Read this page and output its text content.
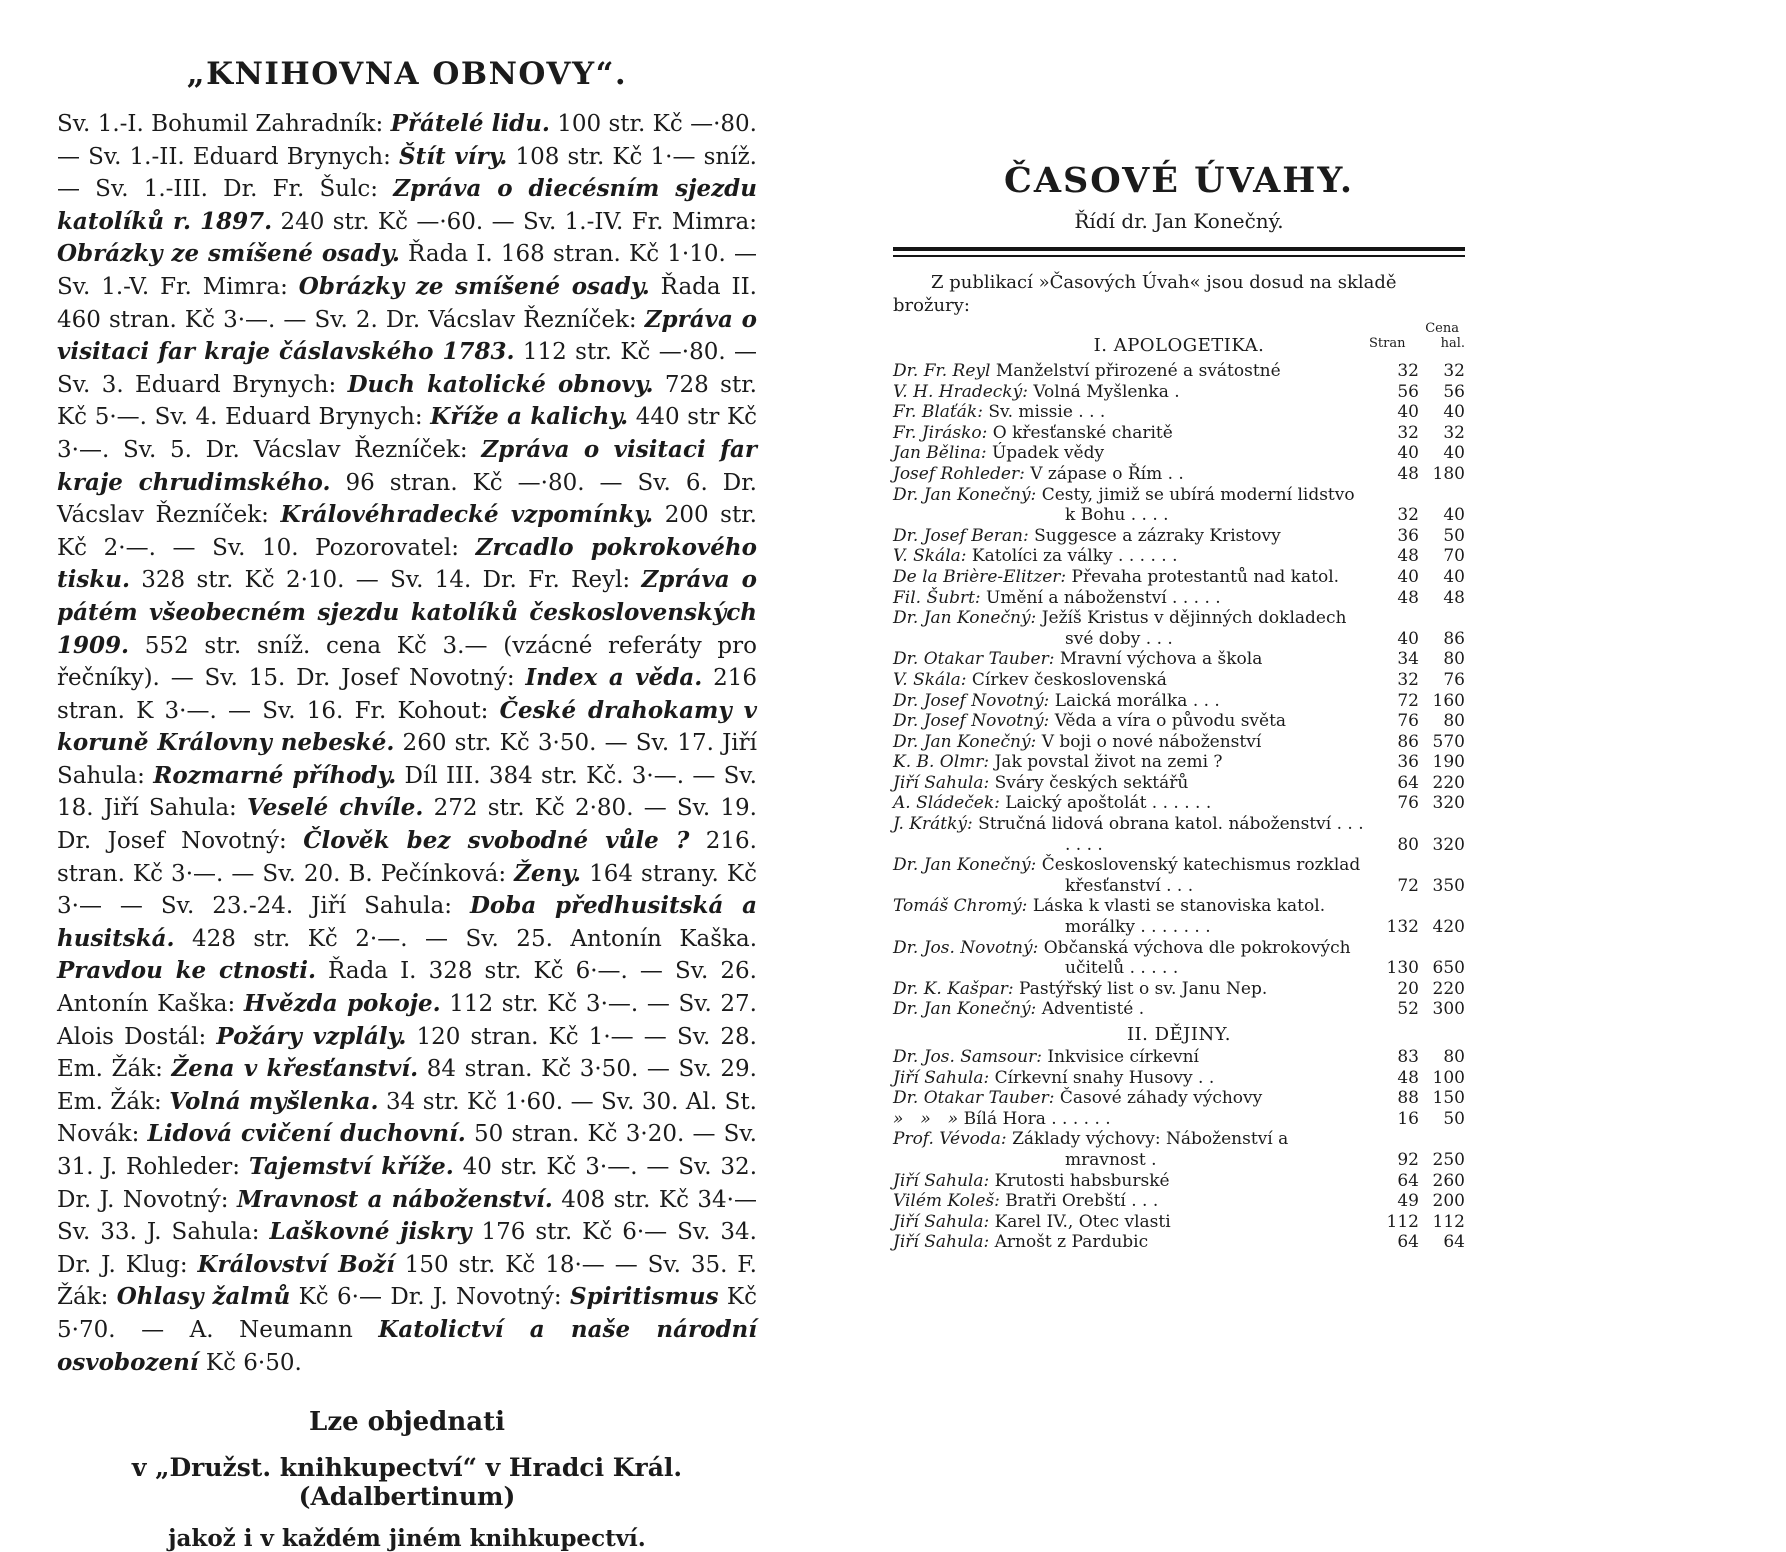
„KNIHOVNA OBNOVY“.
Sv. 1.-I. Bohumil Zahradník: Přátelé lidu. 100 str. Kč —·80. — Sv. 1.-II. Eduard Brynych: Štít víry. 108 str. Kč 1·— sníž. — Sv. 1.-III. Dr. Fr. Šulc: Zpráva o diecésním sjezdu katolíků r. 1897. 240 str. Kč —·60. — Sv. 1.-IV. Fr. Mimra: Obrázky ze smíšené osady. Řada I. 168 stran. Kč 1·10. — Sv. 1.-V. Fr. Mimra: Obrázky ze smíšené osady. Řada II. 460 stran. Kč 3·—. — Sv. 2. Dr. Vácslav Řezníček: Zpráva o visitaci far kraje čáslavského 1783. 112 str. Kč —·80. — Sv. 3. Eduard Brynych: Duch katolické obnovy. 728 str. Kč 5·—. Sv. 4. Eduard Brynych: Kříže a kalichy. 440 str Kč 3·—. Sv. 5. Dr. Vácslav Řezníček: Zpráva o visitaci far kraje chrudimského. 96 stran. Kč —·80. — Sv. 6. Dr. Vácslav Řezníček: Královéhradecké vzpomínky. 200 str. Kč 2·—. — Sv. 10. Pozorovatel: Zrcadlo pokrokového tisku. 328 str. Kč 2·10. — Sv. 14. Dr. Fr. Reyl: Zpráva o pátém všeobecném sjezdu katolíků československých 1909. 552 str. sníž. cena Kč 3.— (vzácné referáty pro řečníky). — Sv. 15. Dr. Josef Novotný: Index a věda. 216 stran. K 3·—. — Sv. 16. Fr. Kohout: České drahokamy v koruně Královny nebeské. 260 str. Kč 3·50. — Sv. 17. Jiří Sahula: Rozmarné příhody. Díl III. 384 str. Kč. 3·—. — Sv. 18. Jiří Sahula: Veselé chvíle. 272 str. Kč 2·80. — Sv. 19. Dr. Josef Novotný: Člověk bez svobodné vůle ? 216. stran. Kč 3·—. — Sv. 20. B. Pečínková: Ženy. 164 strany. Kč 3·— — Sv. 23.-24. Jiří Sahula: Doba předhusitská a husitská. 428 str. Kč 2·—. — Sv. 25. Antonín Kaška. Pravdou ke ctnosti. Řada I. 328 str. Kč 6·—. — Sv. 26. Antonín Kaška: Hvězda pokoje. 112 str. Kč 3·—. — Sv. 27. Alois Dostál: Požáry vzplály. 120 stran. Kč 1·— — Sv. 28. Em. Žák: Žena v křesťanství. 84 stran. Kč 3·50. — Sv. 29. Em. Žák: Volná myšlenka. 34 str. Kč 1·60. — Sv. 30. Al. St. Novák: Lidová cvičení duchovní. 50 stran. Kč 3·20. — Sv. 31. J. Rohleder: Tajemství kříže. 40 str. Kč 3·—. — Sv. 32. Dr. J. Novotný: Mravnost a náboženství. 408 str. Kč 34·— Sv. 33. J. Sahula: Laškovné jiskry 176 str. Kč 6·— Sv. 34. Dr. J. Klug: Království Boží 150 str. Kč 18·— — Sv. 35. F. Žák: Ohlasy žalmů Kč 6·— Dr. J. Novotný: Spiritismus Kč 5·70. — A. Neumann Katolictví a naše národní osvobození Kč 6·50.
Lze objednati
v „Družst. knihkupectví“ v Hradci Král. (Adalbertinum)
jakož i v každém jiném knihkupectví.
ČASOVÉ ÚVAHY.
Řídí dr. Jan Konečný.
Z publikací »Časových Úvah« jsou dosud na skladě
brožury:
I. APOLOGETIKA.
Cena
Stran	hal.
Dr. Fr. Reyl Manželství přirozené a svátostné	32	32
V. H. Hradecký: Volná Myšlenka .	56	56
Fr. Blaťák: Sv. missie . . .	40	40
Fr. Jirásko: O křesťanské charitě	32	32
Jan Bělina: Úpadek vědy	40	40
Josef Rohleder: V zápase o Řím . .	48 180
Dr. Jan Konečný: Cesty, jimiž se ubírá moderní lidstvo k Bohu . . . .	32	40
Dr. Josef Beran: Suggesce a zázraky Kristovy	36	50
V. Skála: Katolíci za války . . . . . .	48	70
De la Brière-Elitzer: Převaha protestantů nad katol.	40	40
Fil. Šubrt: Umění a náboženství . . . . .	48	48
Dr. Jan Konečný: Ježíš Kristus v dějinných dokladech své doby . . .	40	86
Dr. Otakar Tauber: Mravní výchova a škola	34	80
V. Skála: Církev československá	32	76
Dr. Josef Novotný: Laická morálka . . .	72 160
Dr. Josef Novotný: Věda a víra o původu světa	76	80
Dr. Jan Konečný: V boji o nové náboženství	86 570
K. B. Olmr: Jak povstal život na zemi ?	36 190
Jiří Sahula: Sváry českých sektářů	64 220
A. Sládeček: Laický apoštolát . . . . . .	76 320
J. Krátký: Stručná lidová obrana katol. náboženství . . . . . . .	80 320
Dr. Jan Konečný: Československý katechismus rozklad křesťanství . . .	72 350
Tomáš Chromý: Láska k vlasti se stanoviska katol. morálky . . . . . . .	132 420
Dr. Jos. Novotný: Občanská výchova dle pokrokových učitelů . . . . .	130 650
Dr. K. Kašpar: Pastýřský list o sv. Janu Nep.	20 220
Dr. Jan Konečný: Adventisté .	52 300
II. DĚJINY.
Dr. Jos. Samsour: Inkvisice církevní	83	80
Jiří Sahula: Církevní snahy Husovy . .	48 100
Dr. Otakar Tauber: Časové záhady výchovy	88 150
» » » Bílá Hora . . . . . .	16	50
Prof. Vévoda: Základy výchovy: Náboženství a mravnost .	92 250
Jiří Sahula: Krutosti habsburské	64 260
Vilém Koleš: Bratři Orebští . . .	49 200
Jiří Sahula: Karel IV., Otec vlasti	112 112
Jiří Sahula: Arnošt z Pardubic	64	64
